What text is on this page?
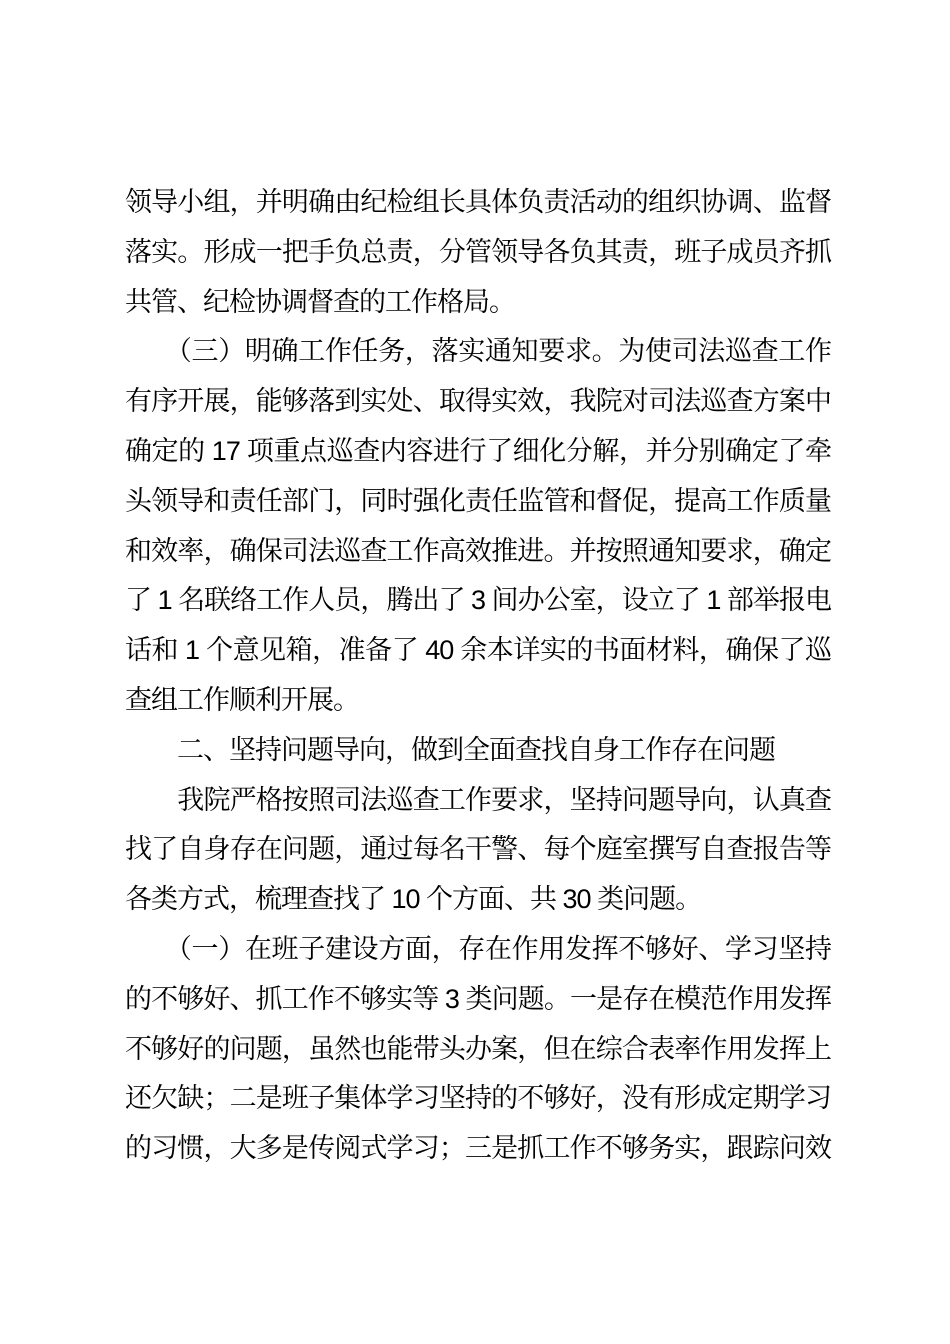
领导小组，并明确由纪检组长具体负责活动的组织协调、监督
落实。形成一把手负总责，分管领导各负其责，班子成员齐抓
共管、纪检协调督查的工作格局。
　　（三）明确工作任务，落实通知要求。为使司法巡查工作
有序开展，能够落到实处、取得实效，我院对司法巡查方案中
确定的 17 项重点巡查内容进行了细化分解，并分别确定了牵
头领导和责任部门，同时强化责任监管和督促，提高工作质量
和效率，确保司法巡查工作高效推进。并按照通知要求，确定
了 1 名联络工作人员，腾出了 3 间办公室，设立了 1 部举报电
话和 1 个意见箱，准备了 40 余本详实的书面材料，确保了巡
查组工作顺利开展。
　　二、坚持问题导向，做到全面查找自身工作存在问题
　　我院严格按照司法巡查工作要求，坚持问题导向，认真查
找了自身存在问题，通过每名干警、每个庭室撰写自查报告等
各类方式，梳理查找了 10 个方面、共 30 类问题。
　　（一）在班子建设方面，存在作用发挥不够好、学习坚持
的不够好、抓工作不够实等 3 类问题。一是存在模范作用发挥
不够好的问题，虽然也能带头办案，但在综合表率作用发挥上
还欠缺；二是班子集体学习坚持的不够好，没有形成定期学习
的习惯，大多是传阅式学习；三是抓工作不够务实，跟踪问效
